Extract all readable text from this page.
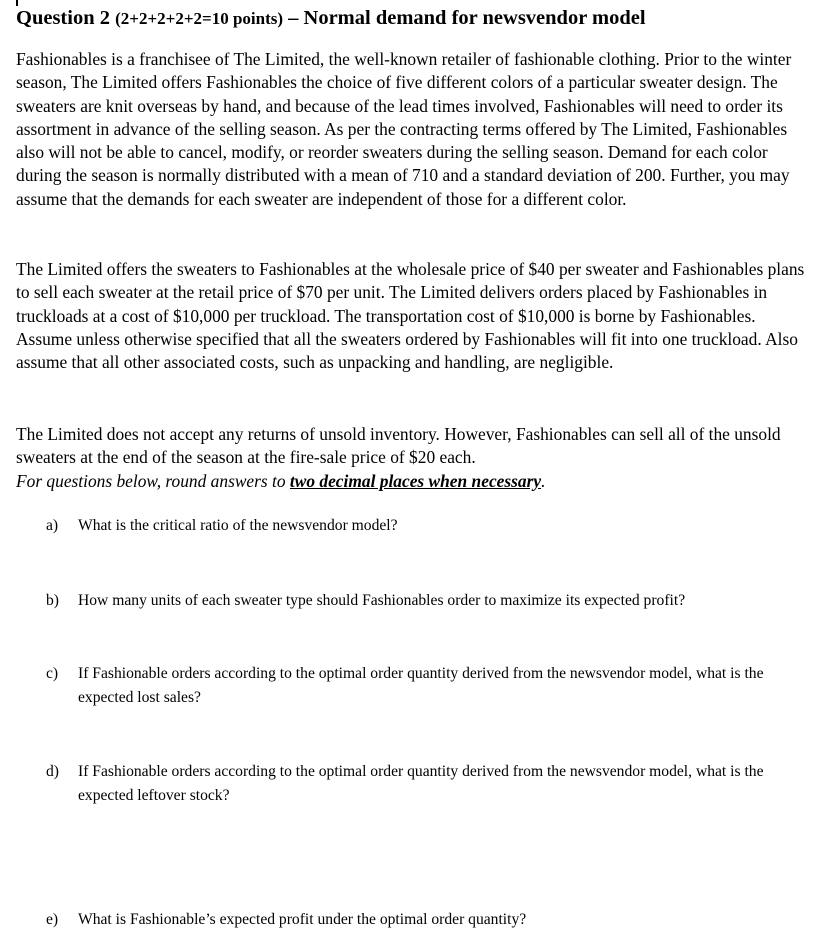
Question 2 (2+2+2+2+2=10 points) – Normal demand for newsvendor model

Fashionables is a franchisee of The Limited, the well-known retailer of fashionable clothing. Prior to the winter season, The Limited offers Fashionables the choice of five different colors of a particular sweater design. The sweaters are knit overseas by hand, and because of the lead times involved, Fashionables will need to order its assortment in advance of the selling season. As per the contracting terms offered by The Limited, Fashionables also will not be able to cancel, modify, or reorder sweaters during the selling season. Demand for each color during the season is normally distributed with a mean of 710 and a standard deviation of 200. Further, you may assume that the demands for each sweater are independent of those for a different color.

The Limited offers the sweaters to Fashionables at the wholesale price of $40 per sweater and Fashionables plans to sell each sweater at the retail price of $70 per unit. The Limited delivers orders placed by Fashionables in truckloads at a cost of $10,000 per truckload. The transportation cost of $10,000 is borne by Fashionables. Assume unless otherwise specified that all the sweaters ordered by Fashionables will fit into one truckload. Also assume that all other associated costs, such as unpacking and handling, are negligible.

The Limited does not accept any returns of unsold inventory. However, Fashionables can sell all of the unsold sweaters at the end of the season at the fire-sale price of $20 each.
For questions below, round answers to two decimal places when necessary.
a)	What is the critical ratio of the newsvendor model?
b)	How many units of each sweater type should Fashionables order to maximize its expected profit?
c)	If Fashionable orders according to the optimal order quantity derived from the newsvendor model, what is the expected lost sales?
d)	If Fashionable orders according to the optimal order quantity derived from the newsvendor model, what is the expected leftover stock?
e)	What is Fashionable’s expected profit under the optimal order quantity?
